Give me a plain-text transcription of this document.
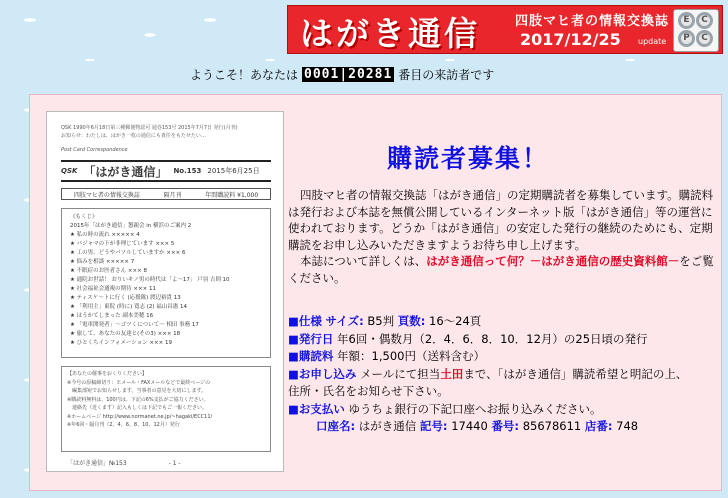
はがき通信	四肢マヒ者の情報交換誌
2017/12/25 update
E	C
P	C
ようこそ！あなたは 0001|20281 番目の来訪者です
QSK 1990年6月18日第三種郵便物認可 通巻153号 2015年7月7日 発行(月刊)
お知らせ：わたしは、はがき一枚の通信にも責任をもたせたい…
Post Card Correspondence
QSK 「はがき通信」 No.153 2015年6月25日
四肢マヒ者の情報交換誌	隔月刊	年間購読料 ¥1,000
《もくじ》
2015年「はがき通信」懇親会 in 横浜のご案内 2
★ 私の時の流れ ××××× 4
★ パジャマの下が非理じています ××× 5
★ 工の男、どうやパソルしていますか ××× 6
★ 悩みを相談 ××××× 7
★ 不眠症のお医者さん ××× 8
★ 通院お世話！ おりいキノ男の時代は「よ〜17」 戸羽 吉則 10
★ 社会福祉会通複の期待 ××× 11
★ ティスケ〜トに行く (応援隊) 渡辺裕貴 13
★ 「利用主」東院 (時に) 寛志 (2) 福山昌憲 14
★ はうかてしまった 副本美穂 16
★ 「電車開発者」〜ゴツくについて〜 相田 事務 17
★ 旅して、あなたの友達と(その3) ××× 18
★ ひとくちインフォメーション ××× 19
【あなたの催事をおくりください】
※今号の原稿締切り：Ｅメール・FAXメールなどで最終ページの
　編集部宛でお知らせします。当事者の意見を大切にします。
※購読料無料は、100円は、下記の6%支払がご協力ください。
　連絡先（近くます）記入もしくは下記でもご一報ください。
※ホームページ http://www.normanet.ne.jp/~hagaki/ECC11/
※年6回・隔月刊（2、4、6、8、10、12月）発行
「はがき通信」№153	- 1 -
購読者募集！

四肢マヒ者の情報交換誌「はがき通信」の定期購読者を募集しています。購読料は発行および本誌を無償公開しているインターネット版「はがき通信」等の運営に使われております。どうか「はがき通信」の安定した発行の継続のためにも、定期購読をお申し込みいただきますようお待ち申し上げます。

本誌について詳しくは、はがき通信って何？－はがき通信の歴史資料館－をご覧ください。

■仕様 サイズ: B5判 頁数: 16～24頁
■発行日 年6回・偶数月（2．4．6．8．10．12月）の25日頃の発行
■購読料 年額：1,500円（送料含む）
■お申し込み メールにて担当土田まで、「はがき通信」購読希望と明記の上、
住所・氏名をお知らせ下さい。
■お支払い ゆうちょ銀行の下記口座へお振り込みください。
口座名: はがき通信 記号: 17440 番号: 85678611 店番: 748
